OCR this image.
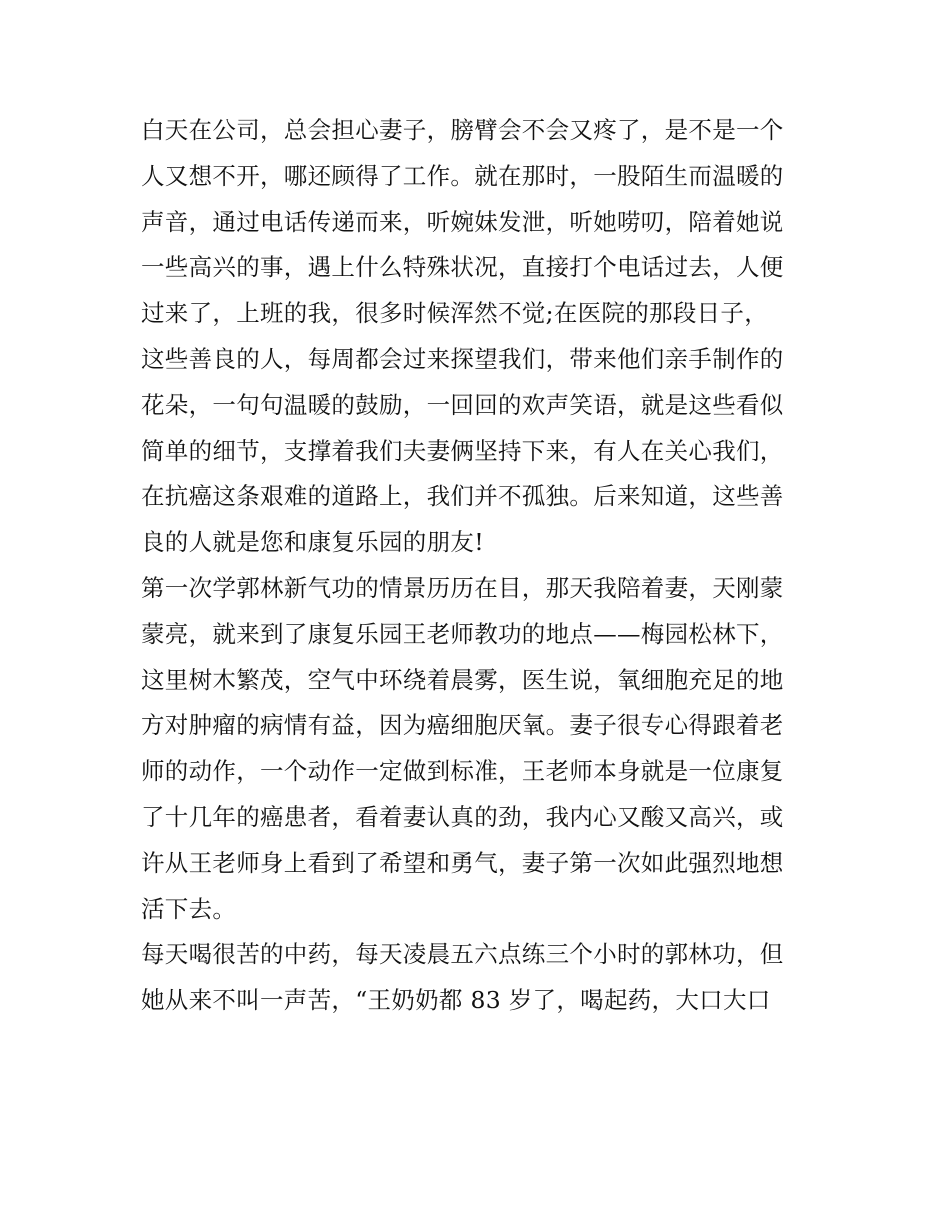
白天在公司，总会担心妻子，膀臂会不会又疼了，是不是一个
人又想不开，哪还顾得了工作。就在那时，一股陌生而温暖的
声音，通过电话传递而来，听婉妹发泄，听她唠叨，陪着她说
一些高兴的事，遇上什么特殊状况，直接打个电话过去，人便
过来了，上班的我，很多时候浑然不觉;在医院的那段日子，
这些善良的人，每周都会过来探望我们，带来他们亲手制作的
花朵，一句句温暖的鼓励，一回回的欢声笑语，就是这些看似
简单的细节，支撑着我们夫妻俩坚持下来，有人在关心我们，
在抗癌这条艰难的道路上，我们并不孤独。后来知道，这些善
良的人就是您和康复乐园的朋友!
第一次学郭林新气功的情景历历在目，那天我陪着妻，天刚蒙
蒙亮，就来到了康复乐园王老师教功的地点——梅园松林下，
这里树木繁茂，空气中环绕着晨雾，医生说，氧细胞充足的地
方对肿瘤的病情有益，因为癌细胞厌氧。妻子很专心得跟着老
师的动作，一个动作一定做到标准，王老师本身就是一位康复
了十几年的癌患者，看着妻认真的劲，我内心又酸又高兴，或
许从王老师身上看到了希望和勇气，妻子第一次如此强烈地想
活下去。
每天喝很苦的中药，每天凌晨五六点练三个小时的郭林功，但
她从来不叫一声苦，“王奶奶都 83 岁了，喝起药，大口大口
